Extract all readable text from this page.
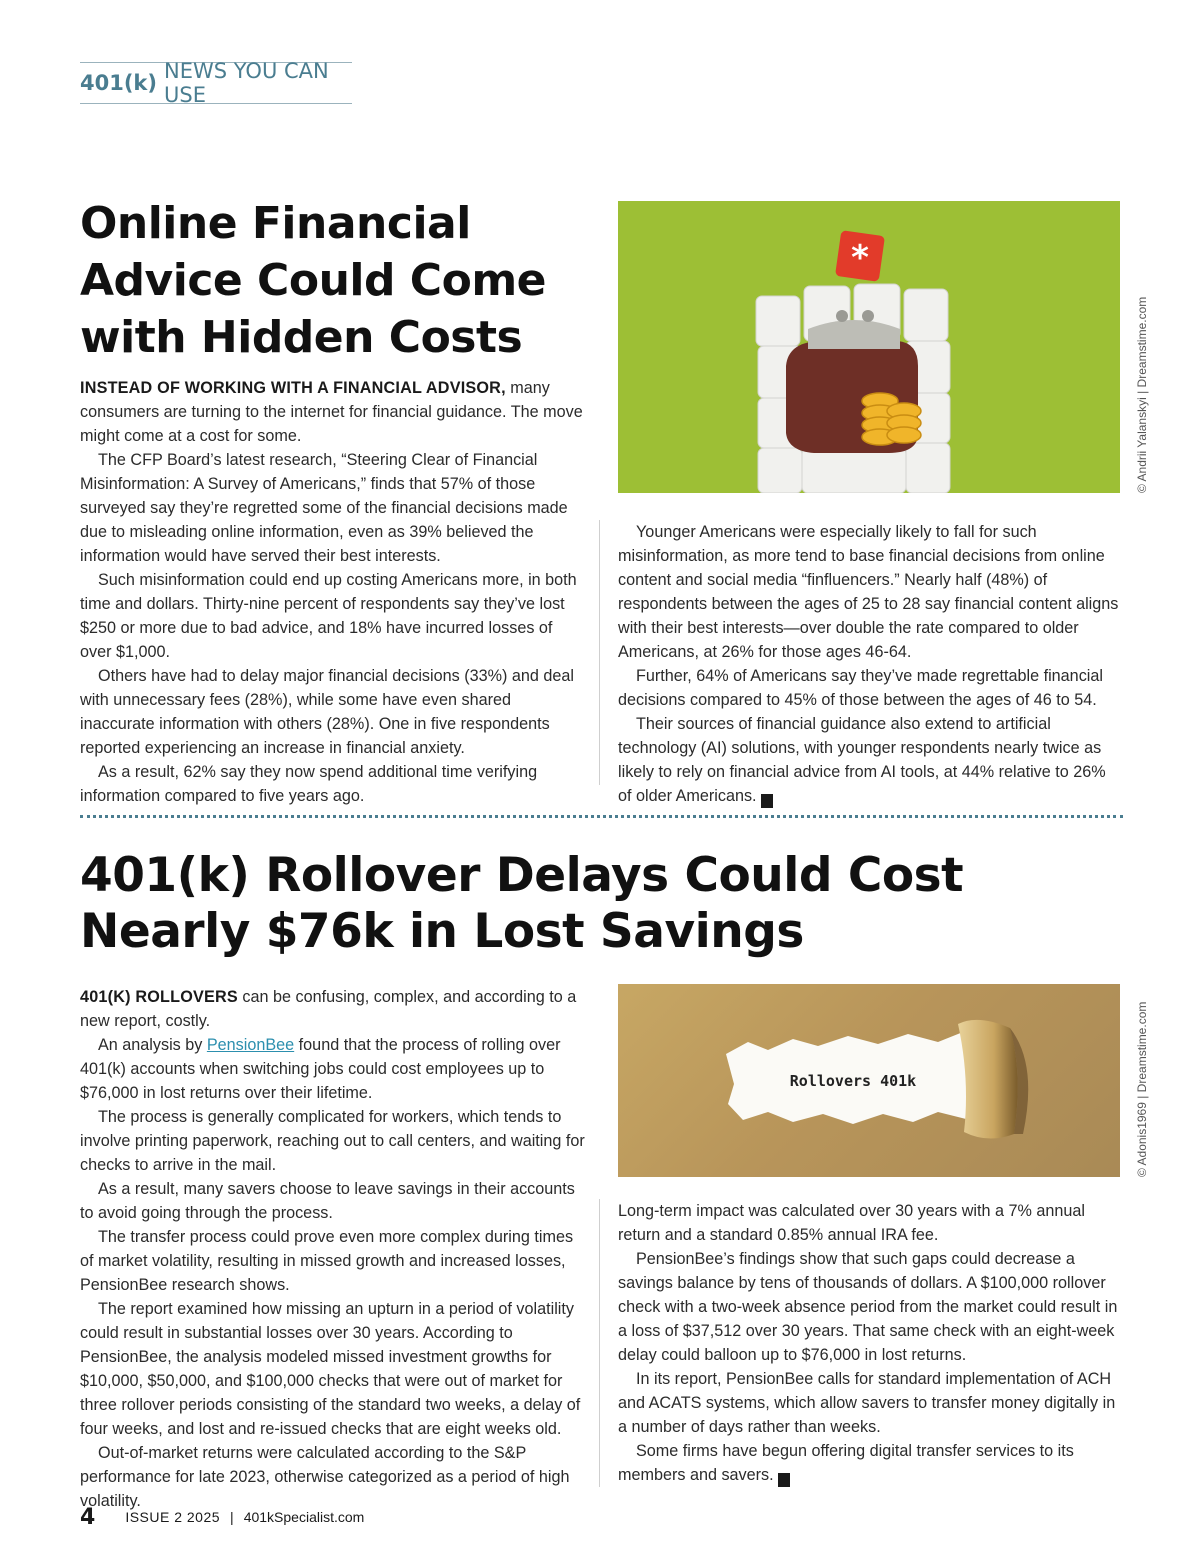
401(k) NEWS YOU CAN USE
Online Financial Advice Could Come with Hidden Costs

INSTEAD OF WORKING WITH A FINANCIAL ADVISOR, many consumers are turning to the internet for financial guidance. The move might come at a cost for some.

The CFP Board’s latest research, “Steering Clear of Financial Misinformation: A Survey of Americans,” finds that 57% of those surveyed say they’re regretted some of the financial decisions made due to misleading online information, even as 39% believed the information would have served their best interests.

Such misinformation could end up costing Americans more, in both time and dollars. Thirty-nine percent of respondents say they’ve lost $250 or more due to bad advice, and 18% have incurred losses of over $1,000.

Others have had to delay major financial decisions (33%) and deal with unnecessary fees (28%), while some have even shared inaccurate information with others (28%). One in five respondents reported experiencing an increase in financial anxiety.

As a result, 62% say they now spend additional time verifying information compared to five years ago.

*
© Andrii Yalanskyi | Dreamstime.com

Younger Americans were especially likely to fall for such misinformation, as more tend to base financial decisions from online content and social media “finfluencers.” Nearly half (48%) of respondents between the ages of 25 to 28 say financial content aligns with their best interests—over double the rate compared to older Americans, at 26% for those ages 46-64.

Further, 64% of Americans say they’ve made regrettable financial decisions compared to 45% of those between the ages of 46 to 54.

Their sources of financial guidance also extend to artificial technology (AI) solutions, with younger respondents nearly twice as likely to rely on financial advice from AI tools, at 44% relative to 26% of older Americans. K

401(k) Rollover Delays Could Cost Nearly $76k in Lost Savings

401(K) ROLLOVERS can be confusing, complex, and according to a new report, costly.

An analysis by PensionBee found that the process of rolling over 401(k) accounts when switching jobs could cost employees up to $76,000 in lost returns over their lifetime.

The process is generally complicated for workers, which tends to involve printing paperwork, reaching out to call centers, and waiting for checks to arrive in the mail.

As a result, many savers choose to leave savings in their accounts to avoid going through the process.

The transfer process could prove even more complex during times of market volatility, resulting in missed growth and increased losses, PensionBee research shows.

The report examined how missing an upturn in a period of volatility could result in substantial losses over 30 years. According to PensionBee, the analysis modeled missed investment growths for $10,000, $50,000, and $100,000 checks that were out of market for three rollover periods consisting of the standard two weeks, a delay of four weeks, and lost and re-issued checks that are eight weeks old.

Out-of-market returns were calculated according to the S&P performance for late 2023, otherwise categorized as a period of high volatility.

Rollovers 401k	© Adonis1969 | Dreamstime.com

Long-term impact was calculated over 30 years with a 7% annual return and a standard 0.85% annual IRA fee.

PensionBee’s findings show that such gaps could decrease a savings balance by tens of thousands of dollars. A $100,000 rollover check with a two-week absence period from the market could result in a loss of $37,512 over 30 years. That same check with an eight-week delay could balloon up to $76,000 in lost returns.

In its report, PensionBee calls for standard implementation of ACH and ACATS systems, which allow savers to transfer money digitally in a number of days rather than weeks.

Some firms have begun offering digital transfer services to its members and savers. K

4 ISSUE 2 2025 | 401kSpecialist.com
